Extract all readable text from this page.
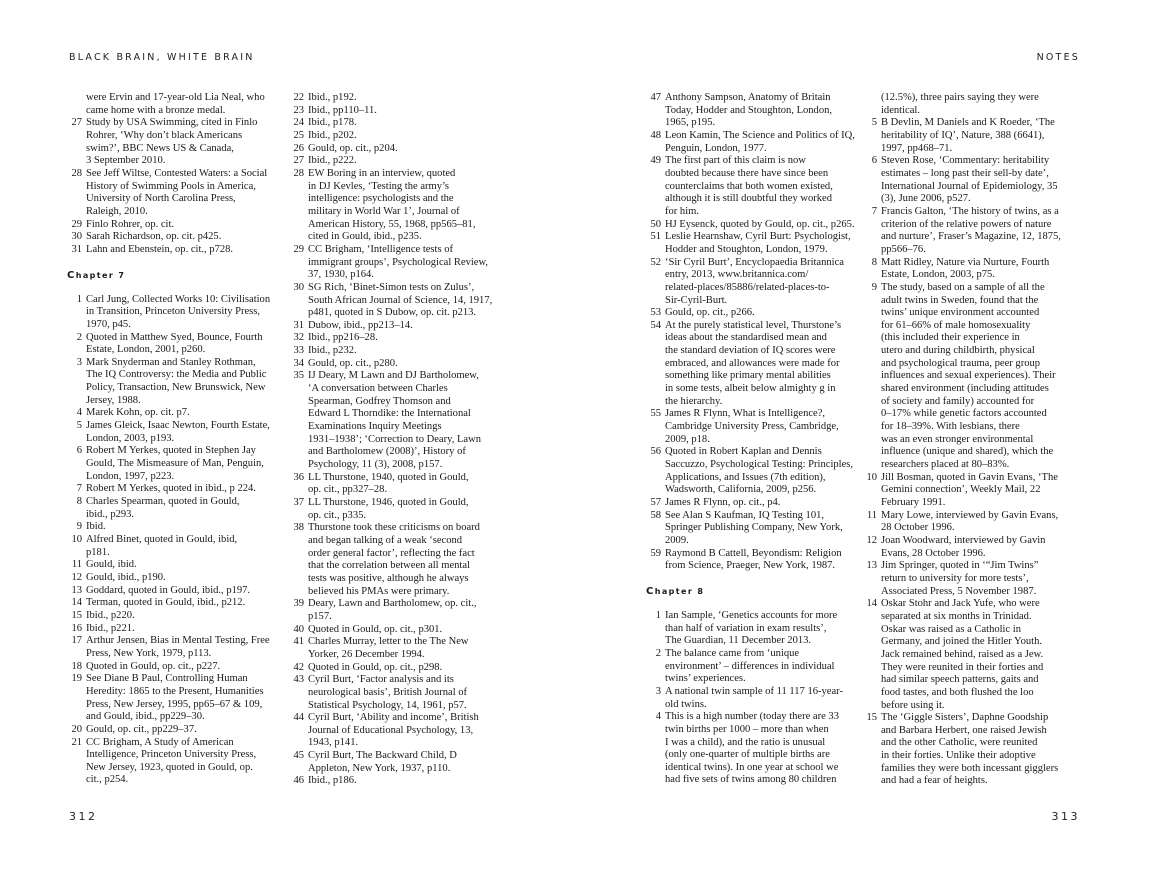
BLACK BRAIN, WHITE BRAIN
were Ervin and 17-year-old Lia Neal, who
came home with a bronze medal.
27 Study by USA Swimming, cited in Finlo
Rohrer, ‘Why don’t black Americans
swim?’, BBC News US & Canada,
3 September 2010.
28 See Jeff Wiltse, Contested Waters: a Social
History of Swimming Pools in America,
University of North Carolina Press,
Raleigh, 2010.
29 Finlo Rohrer, op. cit.
30 Sarah Richardson, op. cit. p425.
31 Lahn and Ebenstein, op. cit., p728.
Chapter 7
1 Carl Jung, Collected Works 10: Civilisation
in Transition, Princeton University Press,
1970, p45.
2 Quoted in Matthew Syed, Bounce, Fourth
Estate, London, 2001, p260.
3 Mark Snyderman and Stanley Rothman,
The IQ Controversy: the Media and Public
Policy, Transaction, New Brunswick, New
Jersey, 1988.
4 Marek Kohn, op. cit. p7.
5 James Gleick, Isaac Newton, Fourth Estate,
London, 2003, p193.
6 Robert M Yerkes, quoted in Stephen Jay
Gould, The Mismeasure of Man, Penguin,
London, 1997, p223.
7 Robert M Yerkes, quoted in ibid., p 224.
8 Charles Spearman, quoted in Gould,
ibid., p293.
9 Ibid.
10 Alfred Binet, quoted in Gould, ibid,
p181.
11 Gould, ibid.
12 Gould, ibid., p190.
13 Goddard, quoted in Gould, ibid., p197.
14 Terman, quoted in Gould, ibid., p212.
15 Ibid., p220.
16 Ibid., p221.
17 Arthur Jensen, Bias in Mental Testing, Free
Press, New York, 1979, p113.
18 Quoted in Gould, op. cit., p227.
19 See Diane B Paul, Controlling Human
Heredity: 1865 to the Present, Humanities
Press, New Jersey, 1995, pp65–67 & 109,
and Gould, ibid., pp229–30.
20 Gould, op. cit., pp229–37.
21 CC Brigham, A Study of American
Intelligence, Princeton University Press,
New Jersey, 1923, quoted in Gould, op.
cit., p254.
22 Ibid., p192.
23 Ibid., pp110–11.
24 Ibid., p178.
25 Ibid., p202.
26 Gould, op. cit., p204.
27 Ibid., p222.
28 EW Boring in an interview, quoted
in DJ Kevles, ‘Testing the army’s
intelligence: psychologists and the
military in World War 1’, Journal of
American History, 55, 1968, pp565–81,
cited in Gould, ibid., p235.
29 CC Brigham, ‘Intelligence tests of
immigrant groups’, Psychological Review,
37, 1930, p164.
30 SG Rich, ‘Binet-Simon tests on Zulus’,
South African Journal of Science, 14, 1917,
p481, quoted in S Dubow, op. cit. p213.
31 Dubow, ibid., pp213–14.
32 Ibid., pp216–28.
33 Ibid., p232.
34 Gould, op. cit., p280.
35 IJ Deary, M Lawn and DJ Bartholomew,
‘A conversation between Charles
Spearman, Godfrey Thomson and
Edward L Thorndike: the International
Examinations Inquiry Meetings
1931–1938’; ‘Correction to Deary, Lawn
and Bartholomew (2008)’, History of
Psychology, 11 (3), 2008, p157.
36 LL Thurstone, 1940, quoted in Gould,
op. cit., pp327–28.
37 LL Thurstone, 1946, quoted in Gould,
op. cit., p335.
38 Thurstone took these criticisms on board
and began talking of a weak ‘second
order general factor’, reflecting the fact
that the correlation between all mental
tests was positive, although he always
believed his PMAs were primary.
39 Deary, Lawn and Bartholomew, op. cit.,
p157.
40 Quoted in Gould, op. cit., p301.
41 Charles Murray, letter to the The New
Yorker, 26 December 1994.
42 Quoted in Gould, op. cit., p298.
43 Cyril Burt, ‘Factor analysis and its
neurological basis’, British Journal of
Statistical Psychology, 14, 1961, p57.
44 Cyril Burt, ‘Ability and income’, British
Journal of Educational Psychology, 13,
1943, p141.
45 Cyril Burt, The Backward Child, D
Appleton, New York, 1937, p110.
46 Ibid., p186.
312
NOTES
47 Anthony Sampson, Anatomy of Britain
Today, Hodder and Stoughton, London,
1965, p195.
48 Leon Kamin, The Science and Politics of IQ,
Penguin, London, 1977.
49 The first part of this claim is now
doubted because there have since been
counterclaims that both women existed,
although it is still doubtful they worked
for him.
50 HJ Eysenck, quoted by Gould, op. cit., p265.
51 Leslie Hearnshaw, Cyril Burt: Psychologist,
Hodder and Stoughton, London, 1979.
52 ‘Sir Cyril Burt’, Encyclopaedia Britannica
entry, 2013, www.britannica.com/
related-places/85886/related-places-to-
Sir-Cyril-Burt.
53 Gould, op. cit., p266.
54 At the purely statistical level, Thurstone’s
ideas about the standardised mean and
the standard deviation of IQ scores were
embraced, and allowances were made for
something like primary mental abilities
in some tests, albeit below almighty g in
the hierarchy.
55 James R Flynn, What is Intelligence?,
Cambridge University Press, Cambridge,
2009, p18.
56 Quoted in Robert Kaplan and Dennis
Saccuzzo, Psychological Testing: Principles,
Applications, and Issues (7th edition),
Wadsworth, California, 2009, p256.
57 James R Flynn, op. cit., p4.
58 See Alan S Kaufman, IQ Testing 101,
Springer Publishing Company, New York,
2009.
59 Raymond B Cattell, Beyondism: Religion
from Science, Praeger, New York, 1987.
Chapter 8
1 Ian Sample, ‘Genetics accounts for more
than half of variation in exam results’,
The Guardian, 11 December 2013.
2 The balance came from ‘unique
environment’ – differences in individual
twins’ experiences.
3 A national twin sample of 11 117 16-year-
old twins.
4 This is a high number (today there are 33
twin births per 1000 – more than when
I was a child), and the ratio is unusual
(only one-quarter of multiple births are
identical twins). In one year at school we
had five sets of twins among 80 children
(12.5%), three pairs saying they were
identical.
5 B Devlin, M Daniels and K Roeder, ‘The
heritability of IQ’, Nature, 388 (6641),
1997, pp468–71.
6 Steven Rose, ‘Commentary: heritability
estimates – long past their sell-by date’,
International Journal of Epidemiology, 35
(3), June 2006, p527.
7 Francis Galton, ‘The history of twins, as a
criterion of the relative powers of nature
and nurture’, Fraser’s Magazine, 12, 1875,
pp566–76.
8 Matt Ridley, Nature via Nurture, Fourth
Estate, London, 2003, p75.
9 The study, based on a sample of all the
adult twins in Sweden, found that the
twins’ unique environment accounted
for 61–66% of male homosexuality
(this included their experience in
utero and during childbirth, physical
and psychological trauma, peer group
influences and sexual experiences). Their
shared environment (including attitudes
of society and family) accounted for
0–17% while genetic factors accounted
for 18–39%. With lesbians, there
was an even stronger environmental
influence (unique and shared), which the
researchers placed at 80–83%.
10 Jill Bosman, quoted in Gavin Evans, ‘The
Gemini connection’, Weekly Mail, 22
February 1991.
11 Mary Lowe, interviewed by Gavin Evans,
28 October 1996.
12 Joan Woodward, interviewed by Gavin
Evans, 28 October 1996.
13 Jim Springer, quoted in ‘“Jim Twins”
return to university for more tests’,
Associated Press, 5 November 1987.
14 Oskar Stohr and Jack Yufe, who were
separated at six months in Trinidad.
Oskar was raised as a Catholic in
Germany, and joined the Hitler Youth.
Jack remained behind, raised as a Jew.
They were reunited in their forties and
had similar speech patterns, gaits and
food tastes, and both flushed the loo
before using it.
15 The ‘Giggle Sisters’, Daphne Goodship
and Barbara Herbert, one raised Jewish
and the other Catholic, were reunited
in their forties. Unlike their adoptive
families they were both incessant gigglers
and had a fear of heights.
313
